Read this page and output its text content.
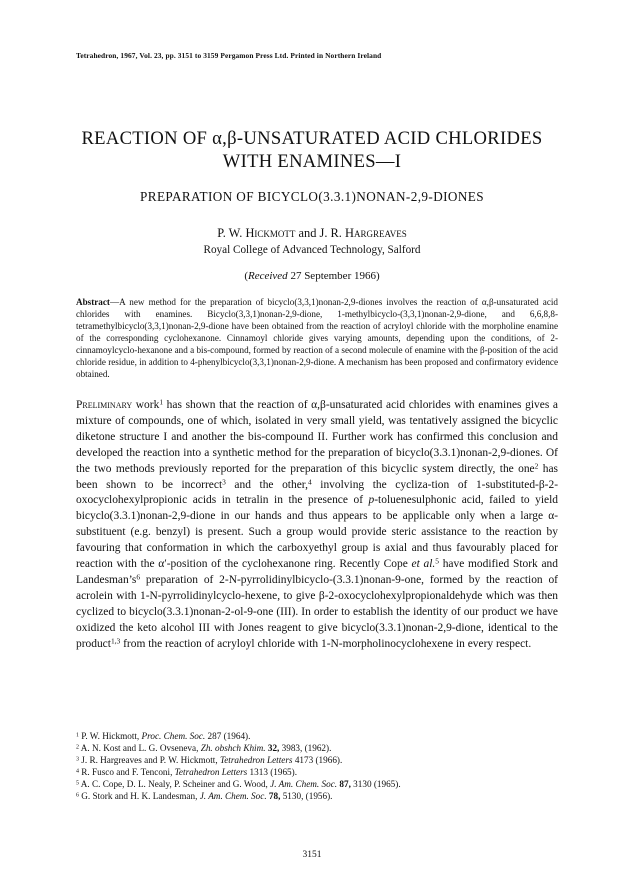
Tetrahedron, 1967, Vol. 23, pp. 3151 to 3159 Pergamon Press Ltd. Printed in Northern Ireland
REACTION OF α,β-UNSATURATED ACID CHLORIDES WITH ENAMINES—I
PREPARATION OF BICYCLO(3.3.1)NONAN-2,9-DIONES
P. W. Hickmott and J. R. Hargreaves
Royal College of Advanced Technology, Salford
(Received 27 September 1966)
Abstract—A new method for the preparation of bicyclo(3,3,1)nonan-2,9-diones involves the reaction of α,β-unsaturated acid chlorides with enamines. Bicyclo(3,3,1)nonan-2,9-dione, 1-methylbicyclo-(3,3,1)nonan-2,9-dione, and 6,6,8,8-tetramethylbicyclo(3,3,1)nonan-2,9-dione have been obtained from the reaction of acryloyl chloride with the morpholine enamine of the corresponding cyclohexanone. Cinnamoyl chloride gives varying amounts, depending upon the conditions, of 2-cinnamoylcyclo-hexanone and a bis-compound, formed by reaction of a second molecule of enamine with the β-position of the acid chloride residue, in addition to 4-phenylbicyclo(3,3,1)nonan-2,9-dione. A mechanism has been proposed and confirmatory evidence obtained.

Preliminary work$^1$ has shown that the reaction of α,β-unsaturated acid chlorides with enamines gives a mixture of compounds, one of which, isolated in very small yield, was tentatively assigned the bicyclic diketone structure I and another the bis-compound II. Further work has confirmed this conclusion and developed the reaction into a synthetic method for the preparation of bicyclo(3.3.1)nonan-2,9-diones. Of the two methods previously reported for the preparation of this bicyclic system directly, the one$^2$ has been shown to be incorrect$^3$ and the other,$^4$ involving the cycliza-tion of 1-substituted-β-2-oxocyclohexylpropionic acids in tetralin in the presence of p-toluenesulphonic acid, failed to yield bicyclo(3.3.1)nonan-2,9-dione in our hands and thus appears to be applicable only when a large α-substituent (e.g. benzyl) is present. Such a group would provide steric assistance to the reaction by favouring that conformation in which the carboxyethyl group is axial and thus favourably placed for reaction with the α′-position of the cyclohexanone ring. Recently Cope et al.$^5$ have modified Stork and $Landesman’s^6$ preparation of 2-N-pyrrolidinylbicyclo-(3.3.1)nonan-9-one, formed by the reaction of acrolein with 1-N-pyrrolidinylcyclo-hexene, to give β-2-oxocyclohexylpropionaldehyde which was then cyclized to bicyclo(3.3.1)nonan-2-ol-9-one (III). In order to establish the identity of our product we have oxidized the keto alcohol III with Jones reagent to give bicyclo(3.3.1)nonan-2,9-dione, identical to the product$^{1,3}$ from the reaction of acryloyl chloride with 1-N-morpholinocyclohexene in every respect.

$^1$ P. W. Hickmott, Proc. Chem. Soc. 287 (1964).
$^2$ A. N. Kost and L. G. Ovseneva, Zh. obshch Khim. 32, 3983, (1962).
$^3$ J. R. Hargreaves and P. W. Hickmott, Tetrahedron Letters 4173 (1966).
$^4$ R. Fusco and F. Tenconi, Tetrahedron Letters 1313 (1965).
$^5$ A. C. Cope, D. L. Nealy, P. Scheiner and G. Wood, J. Am. Chem. Soc. 87, 3130 (1965).
$^6$ G. Stork and H. K. Landesman, J. Am. Chem. Soc. 78, 5130, (1956).
3151
